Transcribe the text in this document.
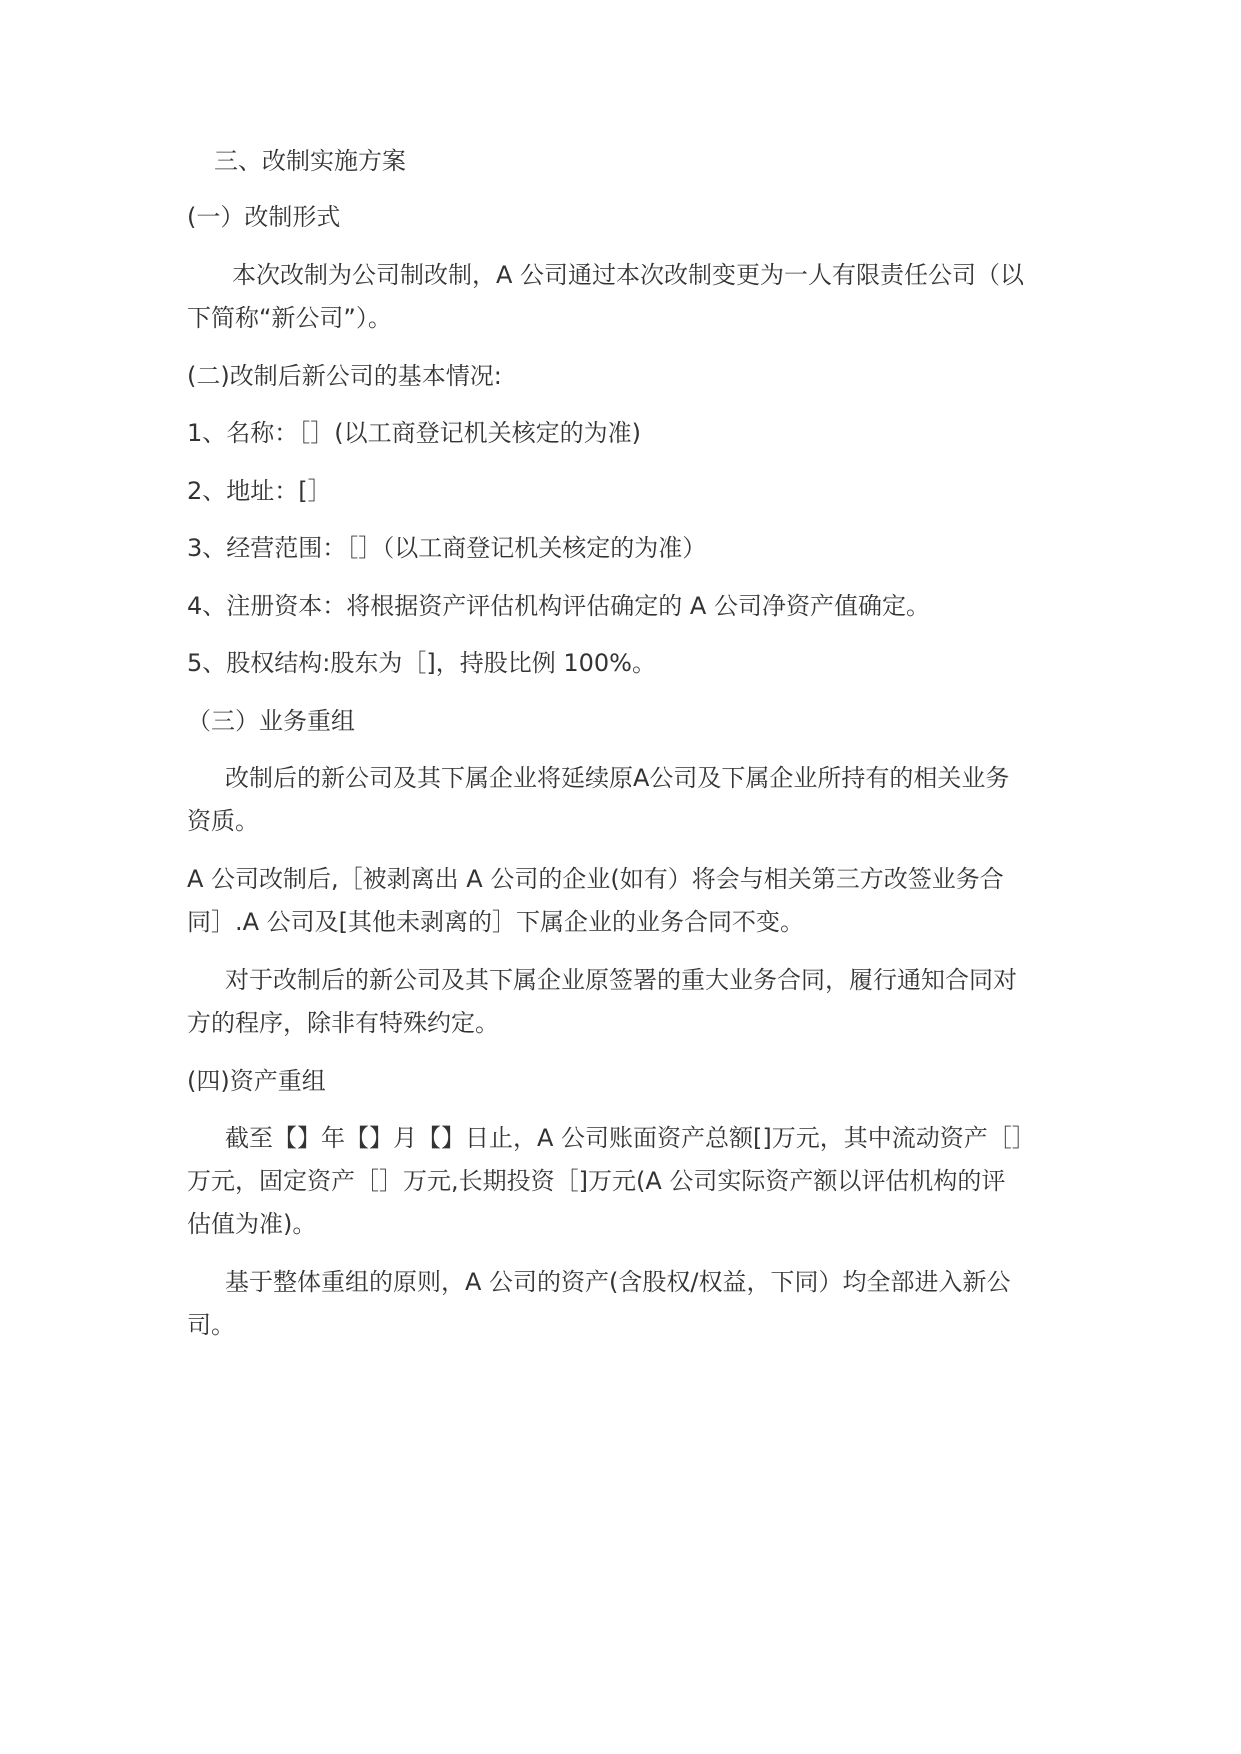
三、改制实施方案

(一）改制形式

本次改制为公司制改制，A 公司通过本次改制变更为一人有限责任公司（以

下简称“新公司”）。

(二)改制后新公司的基本情况:

1、名称：［］(以工商登记机关核定的为准)

2、地址：[］

3、经营范围：［］（以工商登记机关核定的为准）

4、注册资本：将根据资产评估机构评估确定的 A 公司净资产值确定。

5、股权结构:股东为［]，持股比例 100%。

（三）业务重组

改制后的新公司及其下属企业将延续原A公司及下属企业所持有的相关业务

资质。

A 公司改制后,［被剥离出 A 公司的企业(如有）将会与相关第三方改签业务合

同］.A 公司及[其他未剥离的］下属企业的业务合同不变。

对于改制后的新公司及其下属企业原签署的重大业务合同，履行通知合同对

方的程序，除非有特殊约定。

(四)资产重组

截至【】年【】月【】日止，A 公司账面资产总额[]万元，其中流动资产［］

万元，固定资产［］万元,长期投资［]万元(A 公司实际资产额以评估机构的评

估值为准)。

基于整体重组的原则，A 公司的资产(含股权/权益，下同）均全部进入新公

司。
